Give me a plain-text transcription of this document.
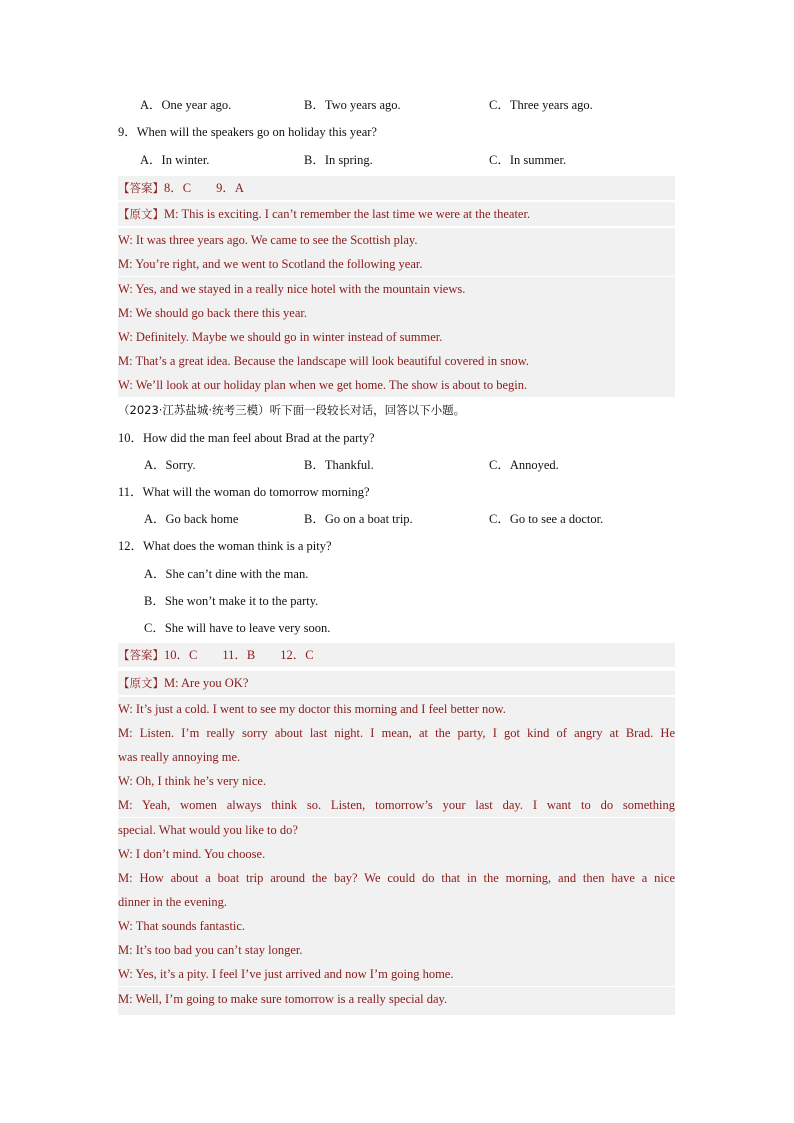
A．One year ago.	B．Two years ago.	C．Three years ago.
9．When will the speakers go on holiday this year?
A．In winter.	B．In spring.	C．In summer.
【答案】8．C　　9．A
【原文】M: This is exciting. I can’t remember the last time we were at the theater.
W: It was three years ago. We came to see the Scottish play.
M: You’re right, and we went to Scotland the following year.
W: Yes, and we stayed in a really nice hotel with the mountain views.
M: We should go back there this year.
W: Definitely. Maybe we should go in winter instead of summer.
M: That’s a great idea. Because the landscape will look beautiful covered in snow.
W: We’ll look at our holiday plan when we get home. The show is about to begin.
（2023·江苏盐城·统考三模）听下面一段较长对话，回答以下小题。
10．How did the man feel about Brad at the party?
A．Sorry.	B．Thankful.	C．Annoyed.
11．What will the woman do tomorrow morning?
A．Go back home	B．Go on a boat trip.	C．Go to see a doctor.
12．What does the woman think is a pity?
A．She can’t dine with the man.
B．She won’t make it to the party.
C．She will have to leave very soon.
【答案】10．C　　11．B　　12．C
【原文】M: Are you OK?
W: It’s just a cold. I went to see my doctor this morning and I feel better now.
M: Listen. I’m really sorry about last night. I mean, at the party, I got kind of angry at Brad. He
was really annoying me.
W: Oh, I think he’s very nice.
M: Yeah, women always think so. Listen, tomorrow’s your last day. I want to do something
special. What would you like to do?
W: I don’t mind. You choose.
M: How about a boat trip around the bay? We could do that in the morning, and then have a nice
dinner in the evening.
W: That sounds fantastic.
M: It’s too bad you can’t stay longer.
W: Yes, it’s a pity. I feel I’ve just arrived and now I’m going home.
M: Well, I’m going to make sure tomorrow is a really special day.
